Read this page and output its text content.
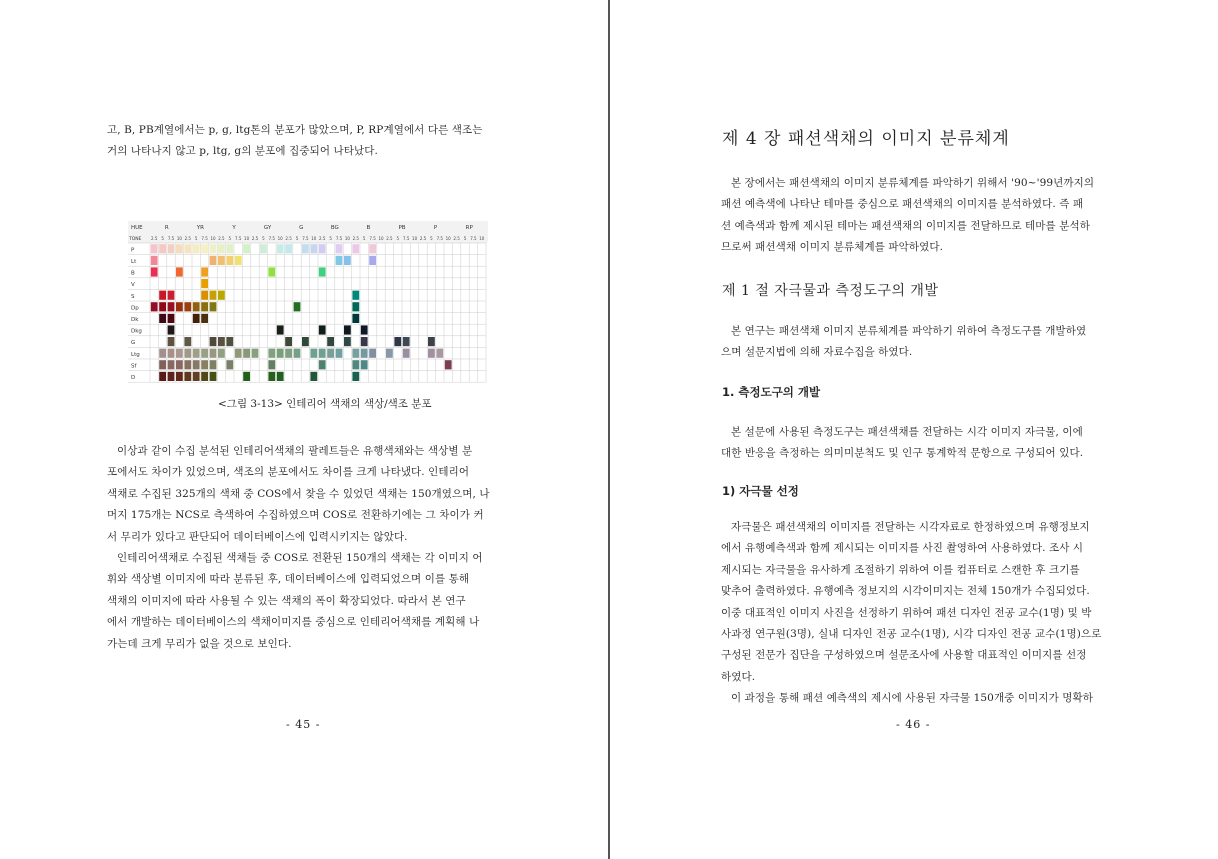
고, B, PB계열에서는 p, g, ltg톤의 분포가 많았으며, P, RP계열에서 다른 색조는
거의 나타나지 않고 p, ltg, g의 분포에 집중되어 나타났다.
HUE
TONE
R
2.5 5 7.5 10
YR
2.5 5 7.5 10
Y
2.5 5 7.5 10
GY
2.5 5 7.5 10
G
2.5 5 7.5 10
BG
2.5 5 7.5 10
B
2.5 5 7.5 10
PB
2.5 5 7.5 10
P
2.5 5 7.5 10
RP
2.5 5 7.5 10
P
Lt
B
V
S
Dp
Dk
Dkg
G
Ltg
Sf
D
<그림 3-13> 인테리어 색채의 색상/색조 분포
이상과 같이 수집 분석된 인테리어색채의 팔레트들은 유행색채와는 색상별 분
포에서도 차이가 있었으며, 색조의 분포에서도 차이를 크게 나타냈다. 인테리어
색채로 수집된 325개의 색채 중 COS에서 찾을 수 있었던 색채는 150개였으며, 나
머지 175개는 NCS로 측색하여 수집하였으며 COS로 전환하기에는 그 차이가 커
서 무리가 있다고 판단되어 데이터베이스에 입력시키지는 않았다.
인테리어색채로 수집된 색채들 중 COS로 전환된 150개의 색채는 각 이미지 어
휘와 색상별 이미지에 따라 분류된 후, 데이터베이스에 입력되었으며 이를 통해
색채의 이미지에 따라 사용될 수 있는 색채의 폭이 확장되었다. 따라서 본 연구
에서 개발하는 데이터베이스의 색채이미지를 중심으로 인테리어색채를 계획해 나
가는데 크게 무리가 없을 것으로 보인다.
- 45 -
제 4 장 패션색채의 이미지 분류체계
본 장에서는 패션색채의 이미지 분류체계를 파악하기 위해서 '90~'99년까지의
패션 예측색에 나타난 테마를 중심으로 패션색채의 이미지를 분석하였다. 즉 패
션 예측색과 함께 제시된 테마는 패션색채의 이미지를 전달하므로 테마를 분석하
므로써 패션색채 이미지 분류체계를 파악하였다.
제 1 절 자극물과 측정도구의 개발
본 연구는 패션색채 이미지 분류체계를 파악하기 위하여 측정도구를 개발하였
으며 설문지법에 의해 자료수집을 하였다.
1. 측정도구의 개발
본 설문에 사용된 측정도구는 패션색채를 전달하는 시각 이미지 자극물, 이에
대한 반응을 측정하는 의미미분척도 및 인구 통계학적 문항으로 구성되어 있다.
1) 자극물 선정
자극물은 패션색채의 이미지를 전달하는 시각자료로 한정하였으며 유행정보지
에서 유행예측색과 함께 제시되는 이미지를 사진 촬영하여 사용하였다. 조사 시
제시되는 자극물을 유사하게 조절하기 위하여 이를 컴퓨터로 스캔한 후 크기를
맞추어 출력하였다. 유행예측 정보지의 시각이미지는 전체 150개가 수집되었다.
이중 대표적인 이미지 사진을 선정하기 위하여 패션 디자인 전공 교수(1명) 및 박
사과정 연구원(3명), 실내 디자인 전공 교수(1명), 시각 디자인 전공 교수(1명)으로
구성된 전문가 집단을 구성하였으며 설문조사에 사용할 대표적인 이미지를 선정
하였다.
이 과정을 통해 패션 예측색의 제시에 사용된 자극물 150개중 이미지가 명확하
- 46 -
